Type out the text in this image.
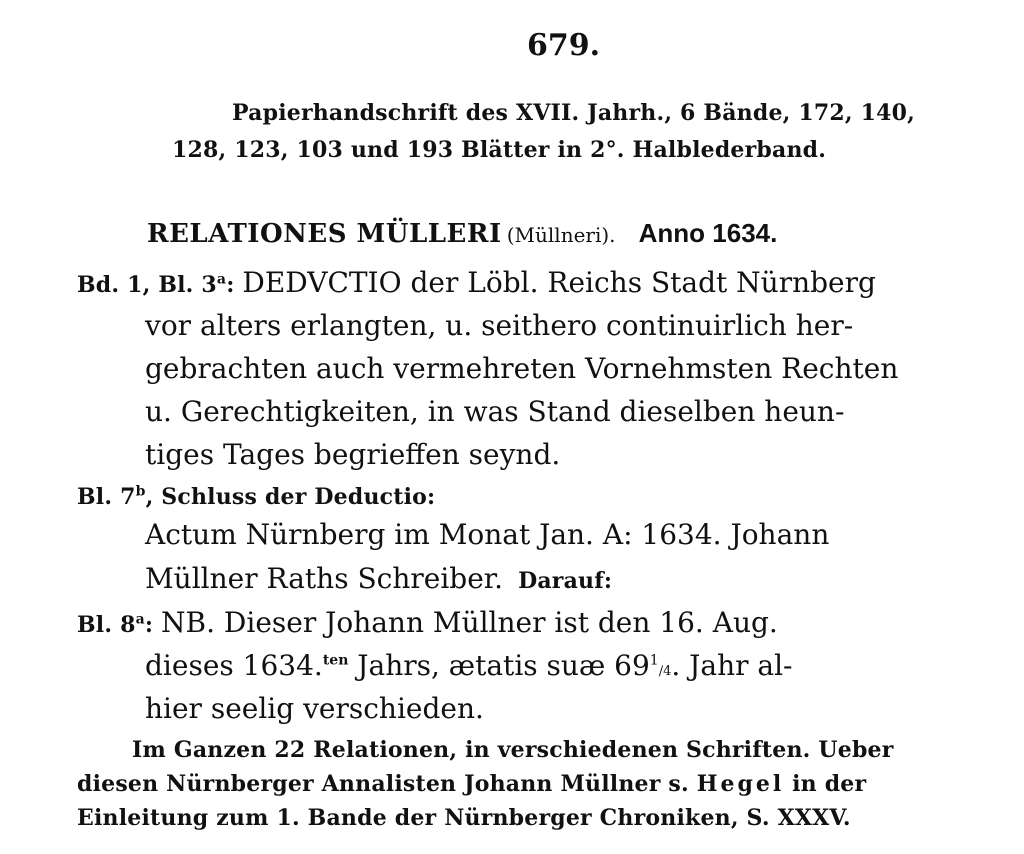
679.
Papierhandschrift des XVII. Jahrh., 6 Bände, 172, 140,
128, 123, 103 und 193 Blätter in 2°. Halblederband.
RELATIONES MÜLLERI (Müllneri). Anno 1634.
Bd. 1, Bl. 3$^a$: DEDVCTIO der Löbl. Reichs Stadt Nürnberg
vor alters erlangten, u. seithero continuirlich her-
gebrachten auch vermehreten Vornehmsten Rechten
u. Gerechtigkeiten, in was Stand dieselben heun-
tiges Tages begrieffen seynd.
Bl. 7$^b$, Schluss der Deductio:
Actum Nürnberg im Monat Jan. A: 1634. Johann
Müllner Raths Schreiber. Darauf:
Bl. 8$^a$: NB. Dieser Johann Müllner ist den 16. Aug.
dieses 1634.$^{ten}$ Jahrs, ætatis suæ $69^1/4$. Jahr al-
hier seelig verschieden.
Im Ganzen 22 Relationen, in verschiedenen Schriften. Ueber
diesen Nürnberger Annalisten Johann Müllner s. Hegel in der
Einleitung zum 1. Bande der Nürnberger Chroniken, S. XXXV.
